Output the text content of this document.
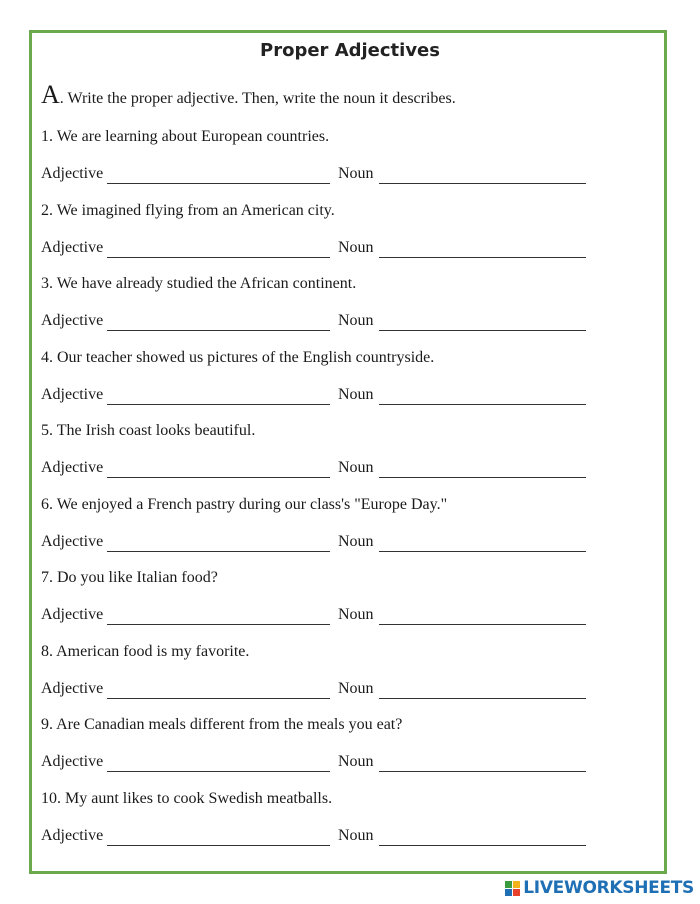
Proper Adjectives
A. Write the proper adjective. Then, write the noun it describes.
1. We are learning about European countries.
Adjective	Noun
2. We imagined flying from an American city.
Adjective	Noun
3. We have already studied the African continent.
Adjective	Noun
4. Our teacher showed us pictures of the English countryside.
Adjective	Noun
5. The Irish coast looks beautiful.
Adjective	Noun
6. We enjoyed a French pastry during our class's "Europe Day."
Adjective	Noun
7. Do you like Italian food?
Adjective	Noun
8. American food is my favorite.
Adjective	Noun
9. Are Canadian meals different from the meals you eat?
Adjective	Noun
10. My aunt likes to cook Swedish meatballs.
Adjective	Noun
LIVEWORKSHEETS
